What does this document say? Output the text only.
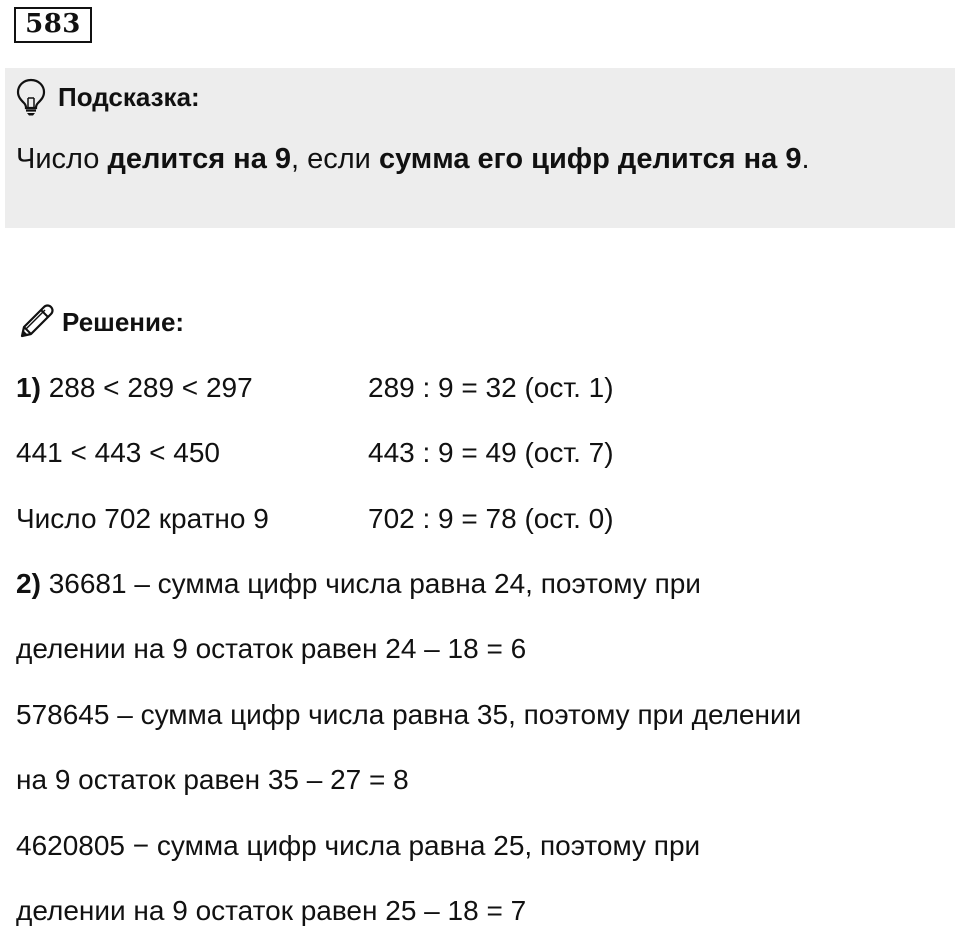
583
Подсказка:
Число делится на 9, если сумма его цифр делится на 9.
Решение:
1) 288 < 289 < 297	289 : 9 = 32 (ост. 1)
441 < 443 < 450	443 : 9 = 49 (ост. 7)
Число 702 кратно 9	702 : 9 = 78 (ост. 0)
2) 36681 – сумма цифр числа равна 24, поэтому при
делении на 9 остаток равен 24 – 18 = 6
578645 – сумма цифр числа равна 35, поэтому при делении
на 9 остаток равен 35 – 27 = 8
4620805 − сумма цифр числа равна 25, поэтому при
делении на 9 остаток равен 25 – 18 = 7
